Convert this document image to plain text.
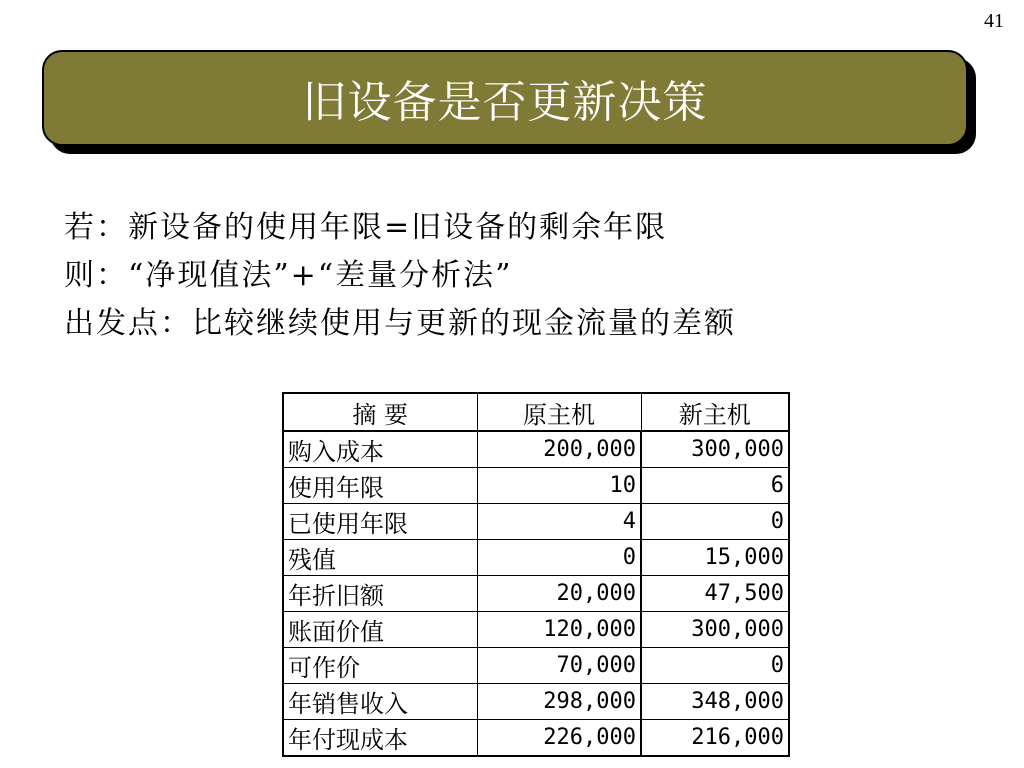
41
旧设备是否更新决策
若：新设备的使用年限=旧设备的剩余年限
则：“净现值法”+“差量分析法”
出发点：比较继续使用与更新的现金流量的差额
摘 要	原主机	新主机
购入成本	200,000	300,000
使用年限	10	6
已使用年限	4	0
残值	0	15,000
年折旧额	20,000	47,500
账面价值	120,000	300,000
可作价	70,000	0
年销售收入	298,000	348,000
年付现成本	226,000	216,000
